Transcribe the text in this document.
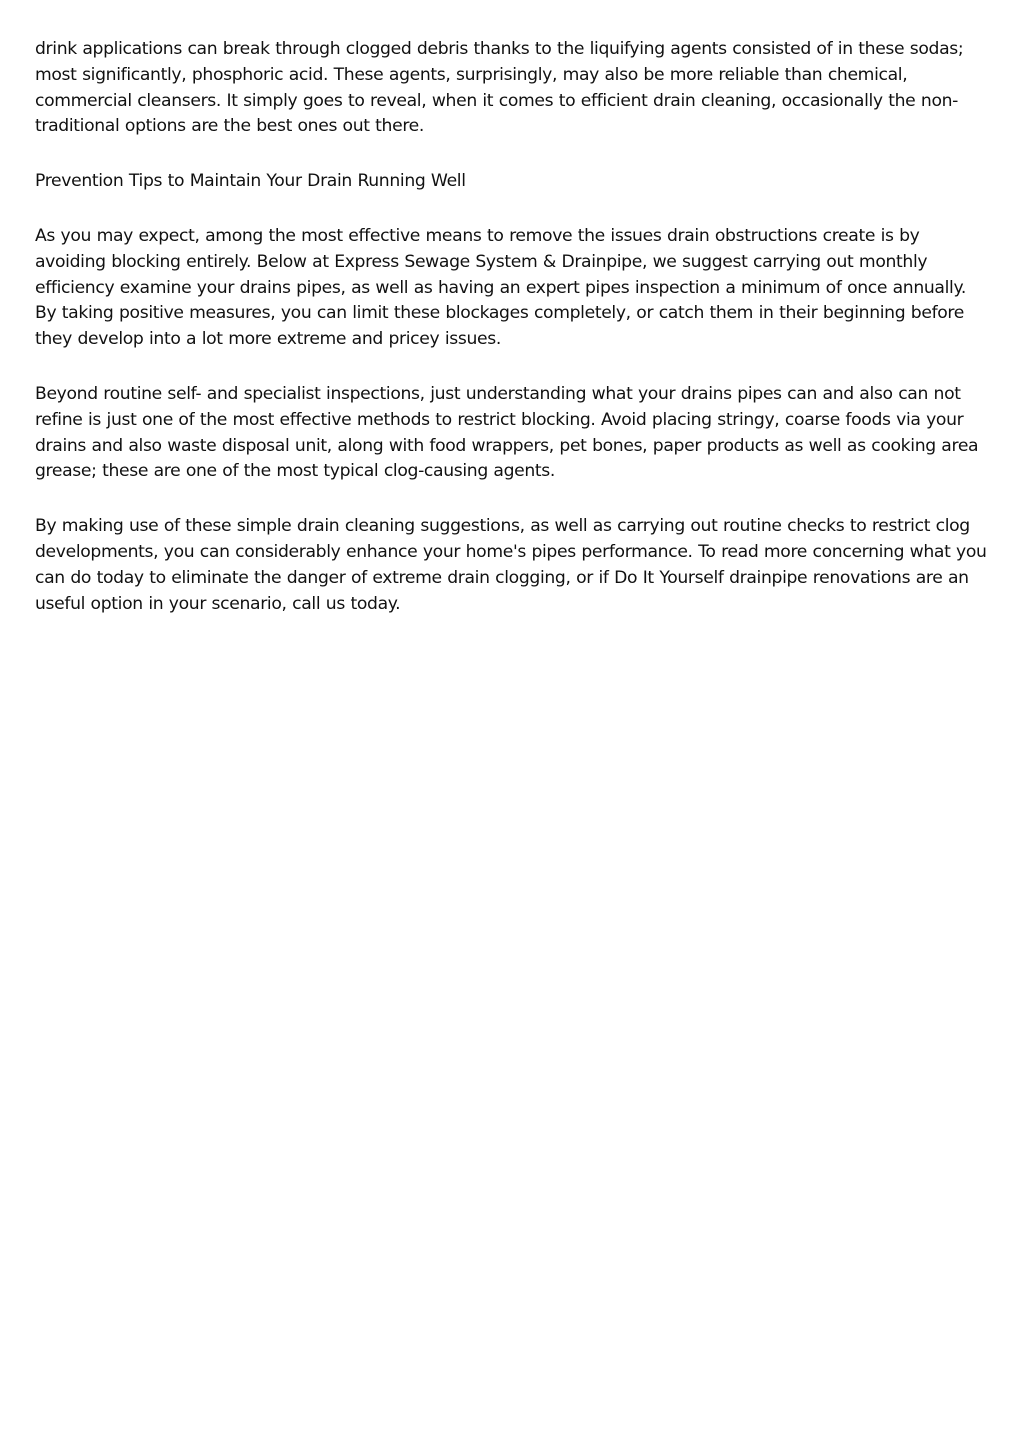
drink applications can break through clogged debris thanks to the liquifying agents consisted of in these sodas; most significantly, phosphoric acid. These agents, surprisingly, may also be more reliable than chemical, commercial cleansers. It simply goes to reveal, when it comes to efficient drain cleaning, occasionally the non-traditional options are the best ones out there.

Prevention Tips to Maintain Your Drain Running Well

As you may expect, among the most effective means to remove the issues drain obstructions create is by avoiding blocking entirely. Below at Express Sewage System & Drainpipe, we suggest carrying out monthly efficiency examine your drains pipes, as well as having an expert pipes inspection a minimum of once annually. By taking positive measures, you can limit these blockages completely, or catch them in their beginning before they develop into a lot more extreme and pricey issues.

Beyond routine self- and specialist inspections, just understanding what your drains pipes can and also can not refine is just one of the most effective methods to restrict blocking. Avoid placing stringy, coarse foods via your drains and also waste disposal unit, along with food wrappers, pet bones, paper products as well as cooking area grease; these are one of the most typical clog-causing agents.

By making use of these simple drain cleaning suggestions, as well as carrying out routine checks to restrict clog developments, you can considerably enhance your home's pipes performance. To read more concerning what you can do today to eliminate the danger of extreme drain clogging, or if Do It Yourself drainpipe renovations are an useful option in your scenario, call us today.
